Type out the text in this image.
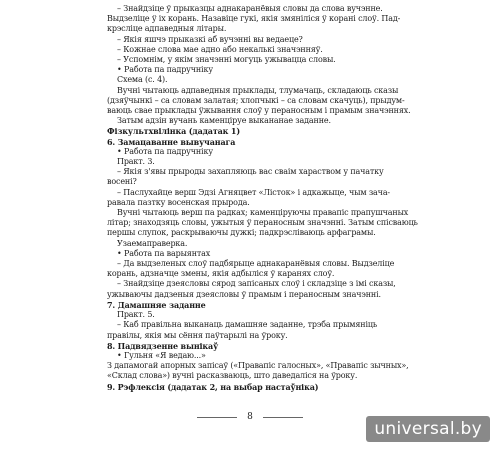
– Знайдзіце ў прыказцы аднакаранёвыя словы да слова вучэнне.

Выдзеліце ў іх корань. Назавіце гукі, якія змяніліся ў корані слоў. Пад-

крэсліце адпаведныя літары.

– Якія яшчэ прыказкі аб вучэнні вы ведаеце?

– Кожнае слова мае адно або некалькі значэнняў.

– Успомнім, у якім значэнні могуць ужывацца словы.

• Работа па падручніку

Схема (с. 4).

Вучні чытаюць адпаведныя прыклады, тлумачаць, складаюць сказы

(дзяўчынкі – са словам залатая; хлопчыкі – са словам скачуць), прыдум-

ваюць свае прыклады ўжывання слоў у пераносным і прамым значэннях.

Затым адзін вучань каменціруе выкананае заданне.

Фізкультхвілінка (дадатак 1)

6. Замацаванне вывучанага

• Работа па падручніку

Практ. 3.

– Якія з'явы прыроды захапляюць вас сваім хараством у пачатку

восені?

– Паслухайце верш Эдзі Агняцвет «Лісток» і адкажыце, чым зача-

равала пазтку восенская прырода.

Вучні чытаюць верш па радках; каменціруючы правапіс прапушчаных

літар; знаходзяць словы, ужытыя ў пераносным значэнні. Затым спісваюць

першы слупок, раскрываючы дужкі; падкрэсліваюць арфаграмы.

Узаемаправерка.

• Работа па варыянтах

– Да выдзеленых слоў падбярыце аднакаранёвыя словы. Выдзеліце

корань, адзначце змены, якія адбыліся ў каранях слоў.

– Знайдзіце дзеясловы сярод запісаных слоў і складзіце з імі сказы,

ужываючы дадзеныя дзеясловы ў прамым і пераносным значэнні.

7. Дамашняе заданне

Практ. 5.

– Каб правільна выканаць дамашняе заданне, трэба прымяніць

правілы, якія мы сёння паўтарылі на ўроку.

8. Падвядзенне вынікаў

• Гульня «Я ведаю...»

З дапамогай апорных запісаў («Правапіс галосных», «Правапіс зычных»,

«Склад слова») вучні расказваюць, што даведаліся на ўроку.

9. Рэфлексія (дадатак 2, на выбар настаўніка)

8
universal.by
